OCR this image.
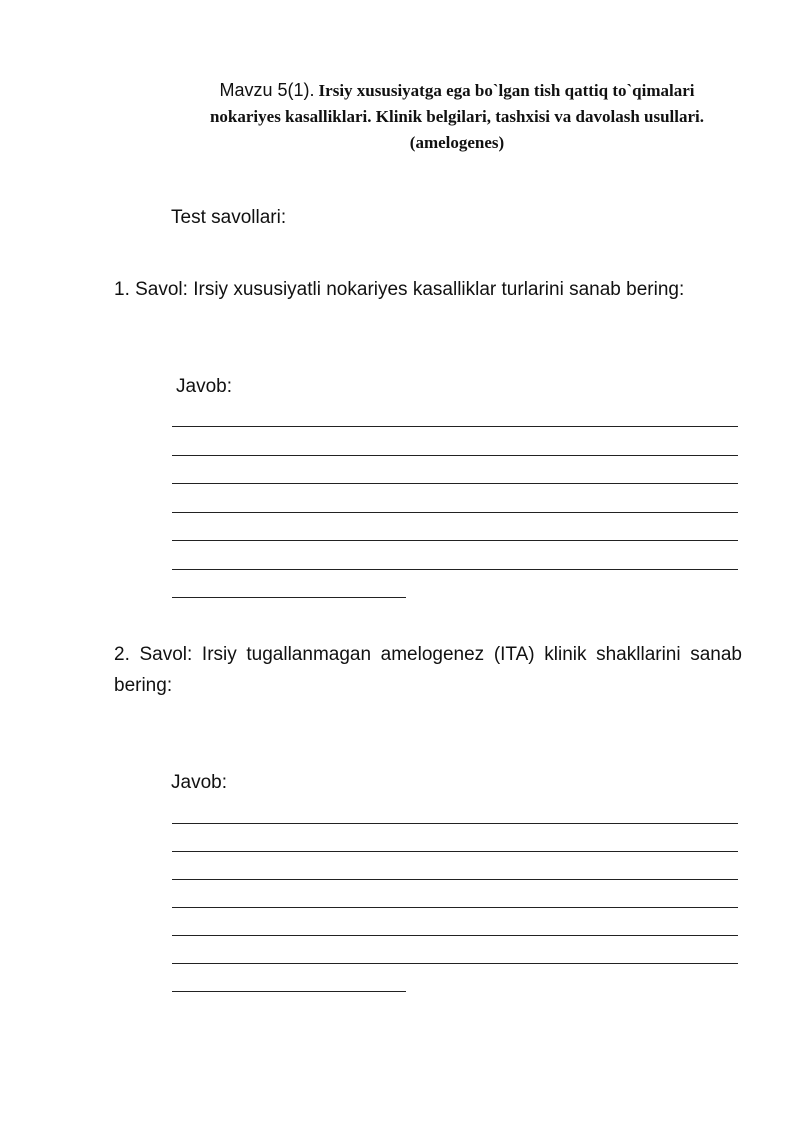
Mavzu 5(1). Irsiy xususiyatga ega bo`lgan tish qattiq to`qimalari
nokariyes kasalliklari. Klinik belgilari, tashxisi va davolash usullari.
(amelogenes)
Test savollari:
1. Savol: Irsiy xususiyatli nokariyes kasalliklar turlarini sanab bering:
Javob:
2. Savol: Irsiy tugallanmagan amelogenez (ITA) klinik shakllarini sanab bering:
Javob:
